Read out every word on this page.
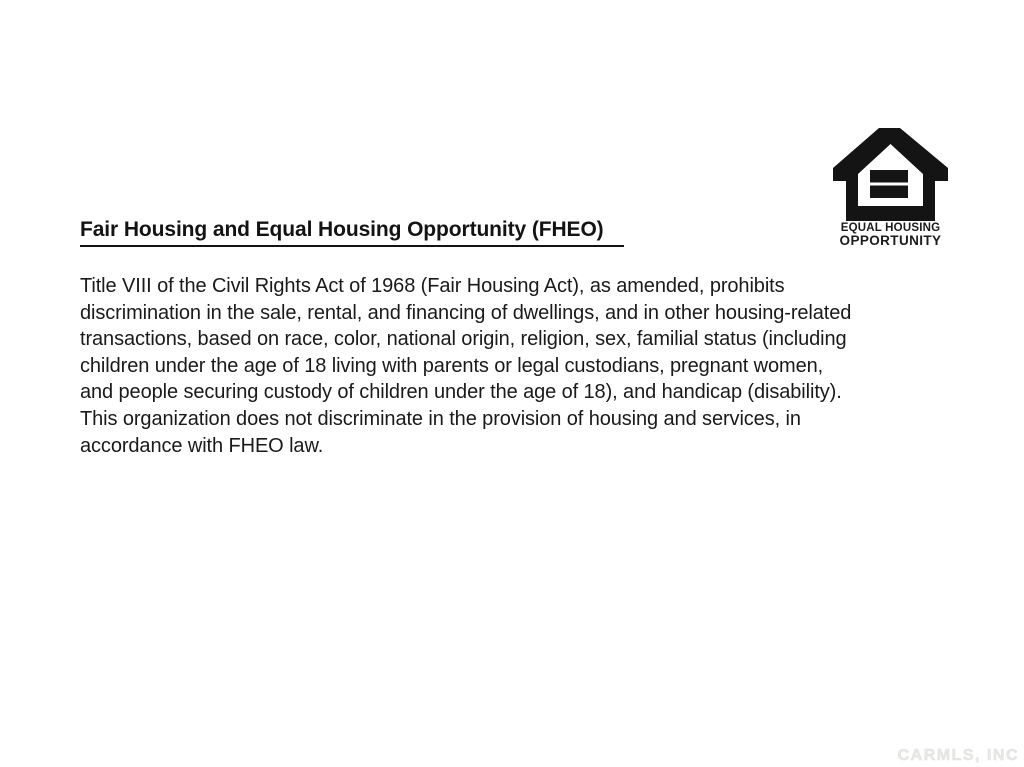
EQUAL HOUSING
OPPORTUNITY
Fair Housing and Equal Housing Opportunity (FHEO)
Title VIII of the Civil Rights Act of 1968 (Fair Housing Act), as amended, prohibits
discrimination in the sale, rental, and financing of dwellings, and in other housing-related
transactions, based on race, color, national origin, religion, sex, familial status (including
children under the age of 18 living with parents or legal custodians, pregnant women,
and people securing custody of children under the age of 18), and handicap (disability).
This organization does not discriminate in the provision of housing and services, in
accordance with FHEO law.
CARMLS, INC
